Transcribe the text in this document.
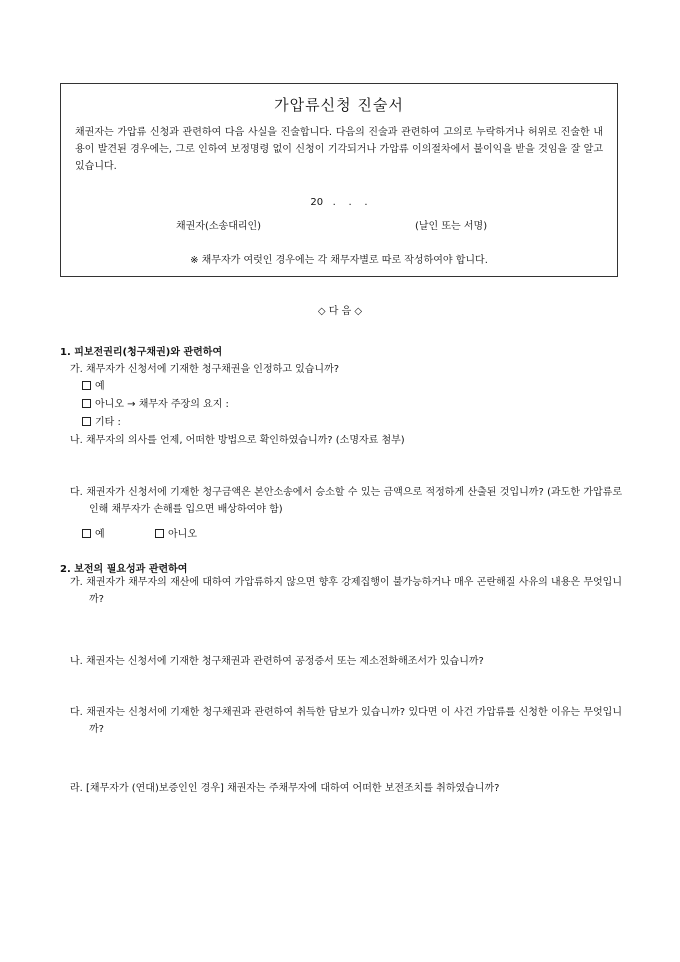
가압류신청 진술서
채권자는 가압류 신청과 관련하여 다음 사실을 진술합니다. 다음의 진술과 관련하여 고의로 누락하거나 허위로 진술한 내용이 발견된 경우에는, 그로 인하여 보정명령 없이 신청이 기각되거나 가압류 이의절차에서 불이익을 받을 것임을 잘 알고 있습니다.
20   .    .    .
채권자(소송대리인)	(날인 또는 서명)
※ 채무자가 여럿인 경우에는 각 채무자별로 따로 작성하여야 합니다.
◇ 다 음 ◇
1. 피보전권리(청구채권)와 관련하여
가. 채무자가 신청서에 기재한 청구채권을 인정하고 있습니까?
예
아니오 → 채무자 주장의 요지 :
기타 :
나. 채무자의 의사를 언제, 어떠한 방법으로 확인하였습니까? (소명자료 첨부)
다. 채권자가 신청서에 기재한 청구금액은 본안소송에서 승소할 수 있는 금액으로 적정하게 산출된 것입니까? (과도한 가압류로 인해 채무자가 손해를 입으면 배상하여야 함)
예	아니오
2. 보전의 필요성과 관련하여
가. 채권자가 채무자의 재산에 대하여 가압류하지 않으면 향후 강제집행이 불가능하거나 매우 곤란해질 사유의 내용은 무엇입니까?
나. 채권자는 신청서에 기재한 청구채권과 관련하여 공정증서 또는 제소전화해조서가 있습니까?
다. 채권자는 신청서에 기재한 청구채권과 관련하여 취득한 담보가 있습니까? 있다면 이 사건 가압류를 신청한 이유는 무엇입니까?
라. [채무자가 (연대)보증인인 경우] 채권자는 주채무자에 대하여 어떠한 보전조치를 취하였습니까?
